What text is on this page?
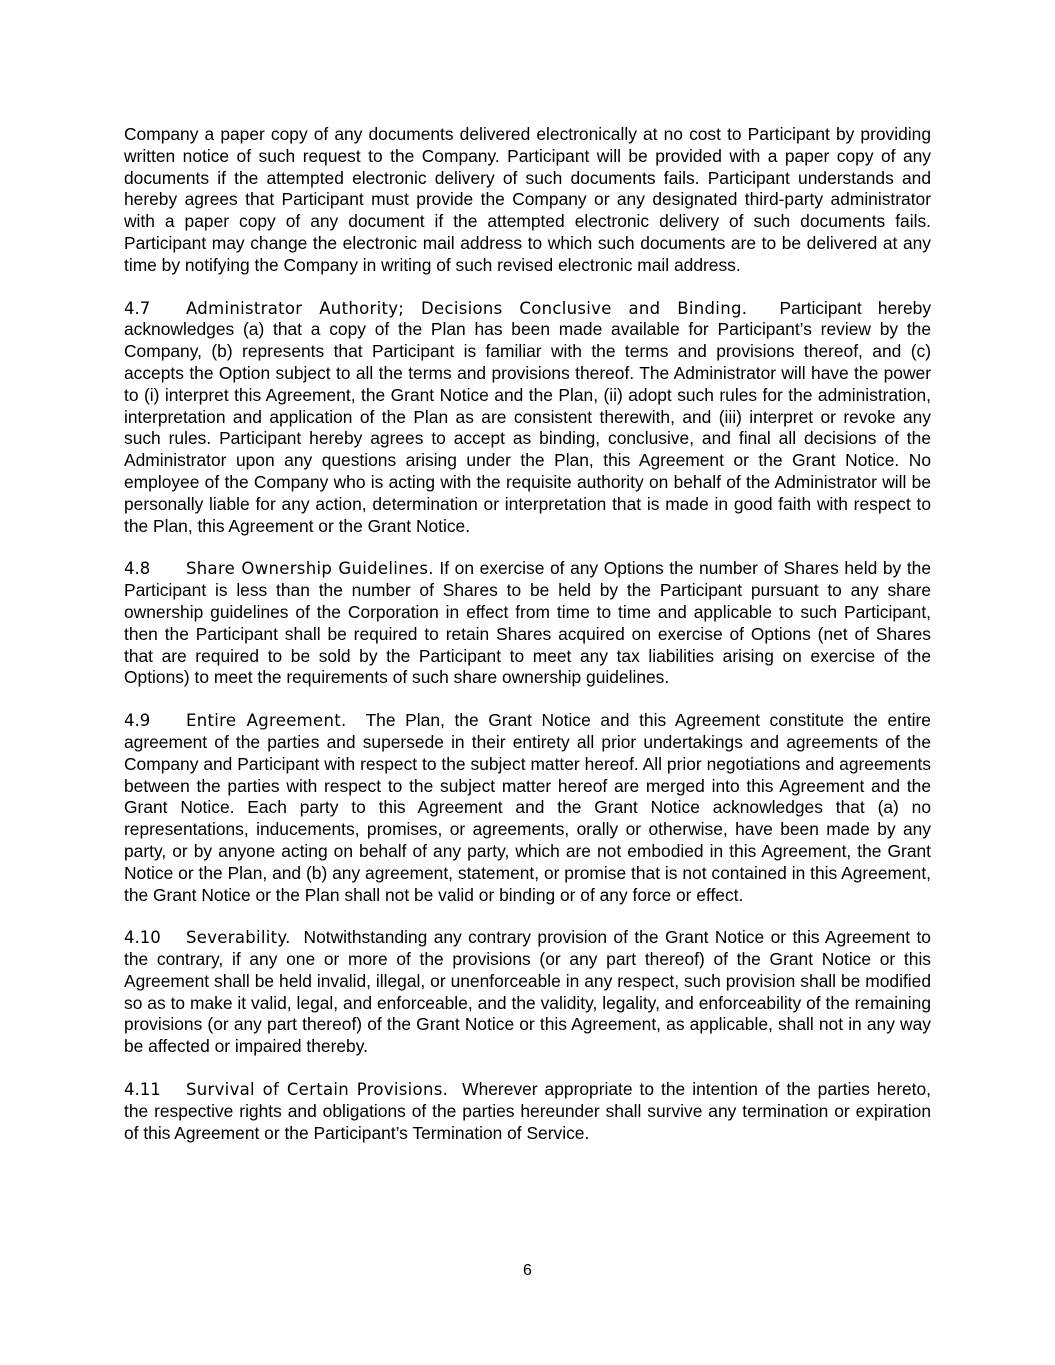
Company a paper copy of any documents delivered electronically at no cost to Participant by providing written notice of such request to the Company. Participant will be provided with a paper copy of any documents if the attempted electronic delivery of such documents fails. Participant understands and hereby agrees that Participant must provide the Company or any designated third-party administrator with a paper copy of any document if the attempted electronic delivery of such documents fails. Participant may change the electronic mail address to which such documents are to be delivered at any time by notifying the Company in writing of such revised electronic mail address.

4.7 Administrator Authority; Decisions Conclusive and Binding. Participant hereby acknowledges (a) that a copy of the Plan has been made available for Participant’s review by the Company, (b) represents that Participant is familiar with the terms and provisions thereof, and (c) accepts the Option subject to all the terms and provisions thereof. The Administrator will have the power to (i) interpret this Agreement, the Grant Notice and the Plan, (ii) adopt such rules for the administration, interpretation and application of the Plan as are consistent therewith, and (iii) interpret or revoke any such rules. Participant hereby agrees to accept as binding, conclusive, and final all decisions of the Administrator upon any questions arising under the Plan, this Agreement or the Grant Notice. No employee of the Company who is acting with the requisite authority on behalf of the Administrator will be personally liable for any action, determination or interpretation that is made in good faith with respect to the Plan, this Agreement or the Grant Notice.

4.8 Share Ownership Guidelines. If on exercise of any Options the number of Shares held by the Participant is less than the number of Shares to be held by the Participant pursuant to any share ownership guidelines of the Corporation in effect from time to time and applicable to such Participant, then the Participant shall be required to retain Shares acquired on exercise of Options (net of Shares that are required to be sold by the Participant to meet any tax liabilities arising on exercise of the Options) to meet the requirements of such share ownership guidelines.

4.9 Entire Agreement. The Plan, the Grant Notice and this Agreement constitute the entire agreement of the parties and supersede in their entirety all prior undertakings and agreements of the Company and Participant with respect to the subject matter hereof. All prior negotiations and agreements between the parties with respect to the subject matter hereof are merged into this Agreement and the Grant Notice. Each party to this Agreement and the Grant Notice acknowledges that (a) no representations, inducements, promises, or agreements, orally or otherwise, have been made by any party, or by anyone acting on behalf of any party, which are not embodied in this Agreement, the Grant Notice or the Plan, and (b) any agreement, statement, or promise that is not contained in this Agreement, the Grant Notice or the Plan shall not be valid or binding or of any force or effect.

4.10 Severability. Notwithstanding any contrary provision of the Grant Notice or this Agreement to the contrary, if any one or more of the provisions (or any part thereof) of the Grant Notice or this Agreement shall be held invalid, illegal, or unenforceable in any respect, such provision shall be modified so as to make it valid, legal, and enforceable, and the validity, legality, and enforceability of the remaining provisions (or any part thereof) of the Grant Notice or this Agreement, as applicable, shall not in any way be affected or impaired thereby.

4.11 Survival of Certain Provisions. Wherever appropriate to the intention of the parties hereto, the respective rights and obligations of the parties hereunder shall survive any termination or expiration of this Agreement or the Participant’s Termination of Service.

6
